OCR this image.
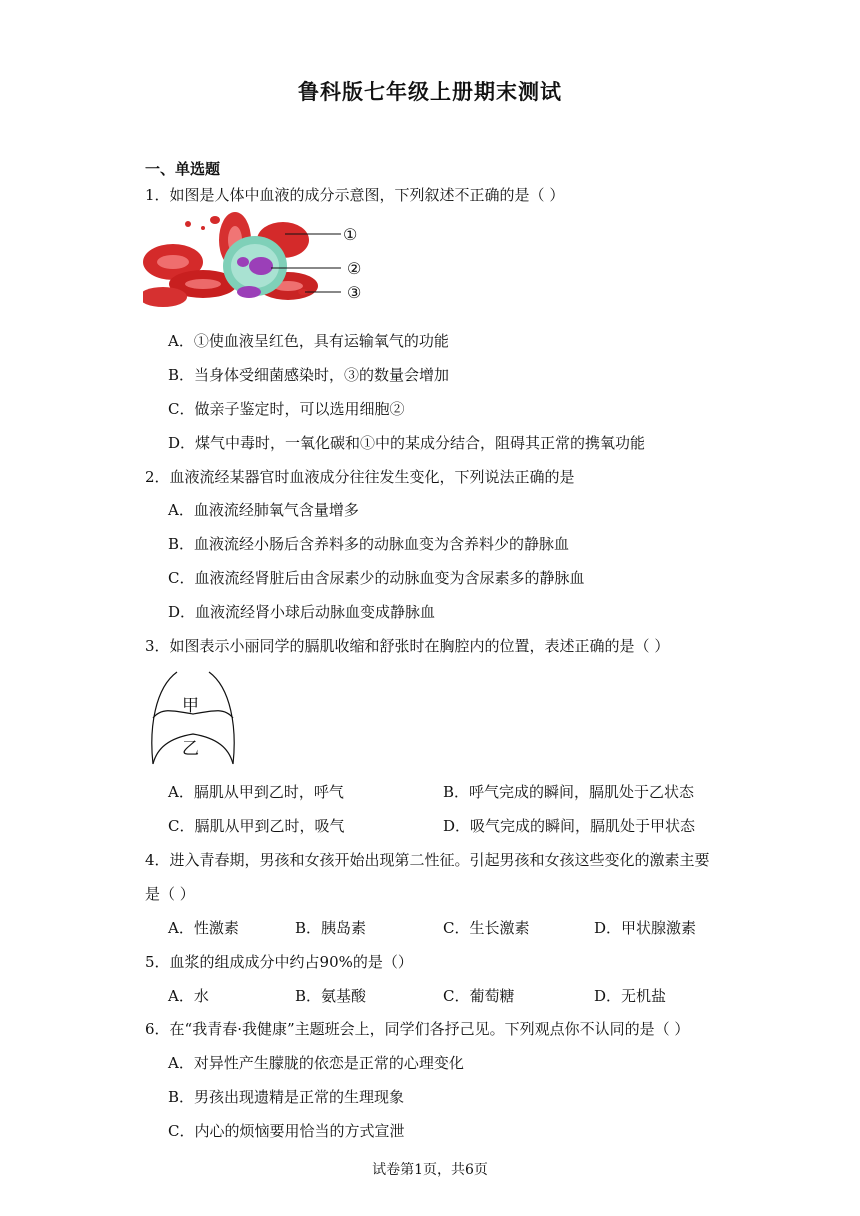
鲁科版七年级上册期末测试
一、单选题
1．如图是人体中血液的成分示意图，下列叙述不正确的是（ ）
①
②
③
A．①使血液呈红色，具有运输氧气的功能
B．当身体受细菌感染时，③的数量会增加
C．做亲子鉴定时，可以选用细胞②
D．煤气中毒时，一氧化碳和①中的某成分结合，阻碍其正常的携氧功能
2．血液流经某器官时血液成分往往发生变化，下列说法正确的是
A．血液流经肺氧气含量增多
B．血液流经小肠后含养料多的动脉血变为含养料少的静脉血
C．血液流经肾脏后由含尿素少的动脉血变为含尿素多的静脉血
D．血液流经肾小球后动脉血变成静脉血
3．如图表示小丽同学的膈肌收缩和舒张时在胸腔内的位置，表述正确的是（ ）
甲
乙
A．膈肌从甲到乙时，呼气	B．呼气完成的瞬间，膈肌处于乙状态
C．膈肌从甲到乙时，吸气	D．吸气完成的瞬间，膈肌处于甲状态
4．进入青春期，男孩和女孩开始出现第二性征。引起男孩和女孩这些变化的激素主要
是（ ）
A．性激素	B．胰岛素	C．生长激素	D．甲状腺激素
5．血浆的组成成分中约占90%的是（）
A．水	B．氨基酸	C．葡萄糖	D．无机盐
6．在“我青春·我健康”主题班会上，同学们各抒己见。下列观点你不认同的是（ ）
A．对异性产生朦胧的依恋是正常的心理变化
B．男孩出现遗精是正常的生理现象
C．内心的烦恼要用恰当的方式宣泄
试卷第1页，共6页
